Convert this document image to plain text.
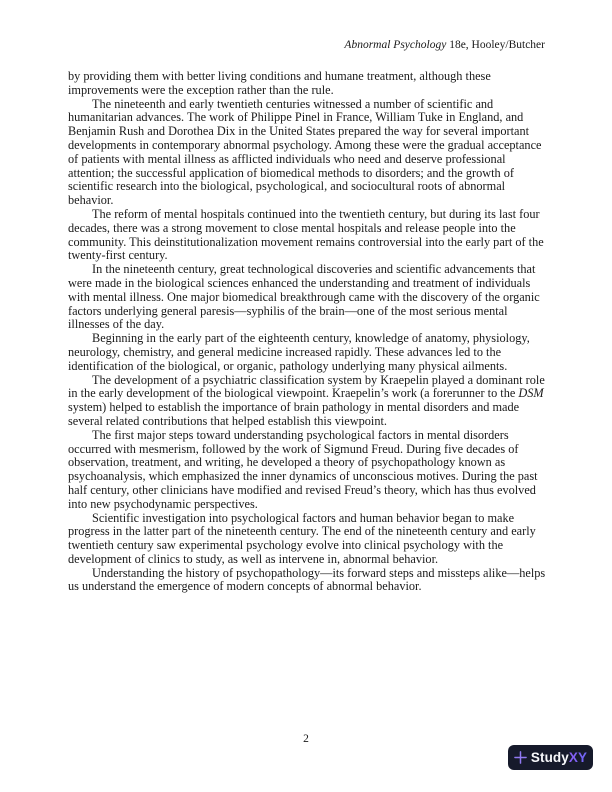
Abnormal Psychology 18e, Hooley/Butcher

by providing them with better living conditions and humane treatment, although these improvements were the exception rather than the rule.

The nineteenth and early twentieth centuries witnessed a number of scientific and humanitarian advances. The work of Philippe Pinel in France, William Tuke in England, and Benjamin Rush and Dorothea Dix in the United States prepared the way for several important developments in contemporary abnormal psychology. Among these were the gradual acceptance of patients with mental illness as afflicted individuals who need and deserve professional attention; the successful application of biomedical methods to disorders; and the growth of scientific research into the biological, psychological, and sociocultural roots of abnormal behavior.

The reform of mental hospitals continued into the twentieth century, but during its last four decades, there was a strong movement to close mental hospitals and release people into the community. This deinstitutionalization movement remains controversial into the early part of the twenty-first century.

In the nineteenth century, great technological discoveries and scientific advancements that were made in the biological sciences enhanced the understanding and treatment of individuals with mental illness. One major biomedical breakthrough came with the discovery of the organic factors underlying general paresis—syphilis of the brain—one of the most serious mental illnesses of the day.

Beginning in the early part of the eighteenth century, knowledge of anatomy, physiology, neurology, chemistry, and general medicine increased rapidly. These advances led to the identification of the biological, or organic, pathology underlying many physical ailments.

The development of a psychiatric classification system by Kraepelin played a dominant role in the early development of the biological viewpoint. Kraepelin’s work (a forerunner to the DSM system) helped to establish the importance of brain pathology in mental disorders and made several related contributions that helped establish this viewpoint.

The first major steps toward understanding psychological factors in mental disorders occurred with mesmerism, followed by the work of Sigmund Freud. During five decades of observation, treatment, and writing, he developed a theory of psychopathology known as psychoanalysis, which emphasized the inner dynamics of unconscious motives. During the past half century, other clinicians have modified and revised Freud’s theory, which has thus evolved into new psychodynamic perspectives.

Scientific investigation into psychological factors and human behavior began to make progress in the latter part of the nineteenth century. The end of the nineteenth century and early twentieth century saw experimental psychology evolve into clinical psychology with the development of clinics to study, as well as intervene in, abnormal behavior.

Understanding the history of psychopathology—its forward steps and missteps alike—helps us understand the emergence of modern concepts of abnormal behavior.

2
StudyXY
